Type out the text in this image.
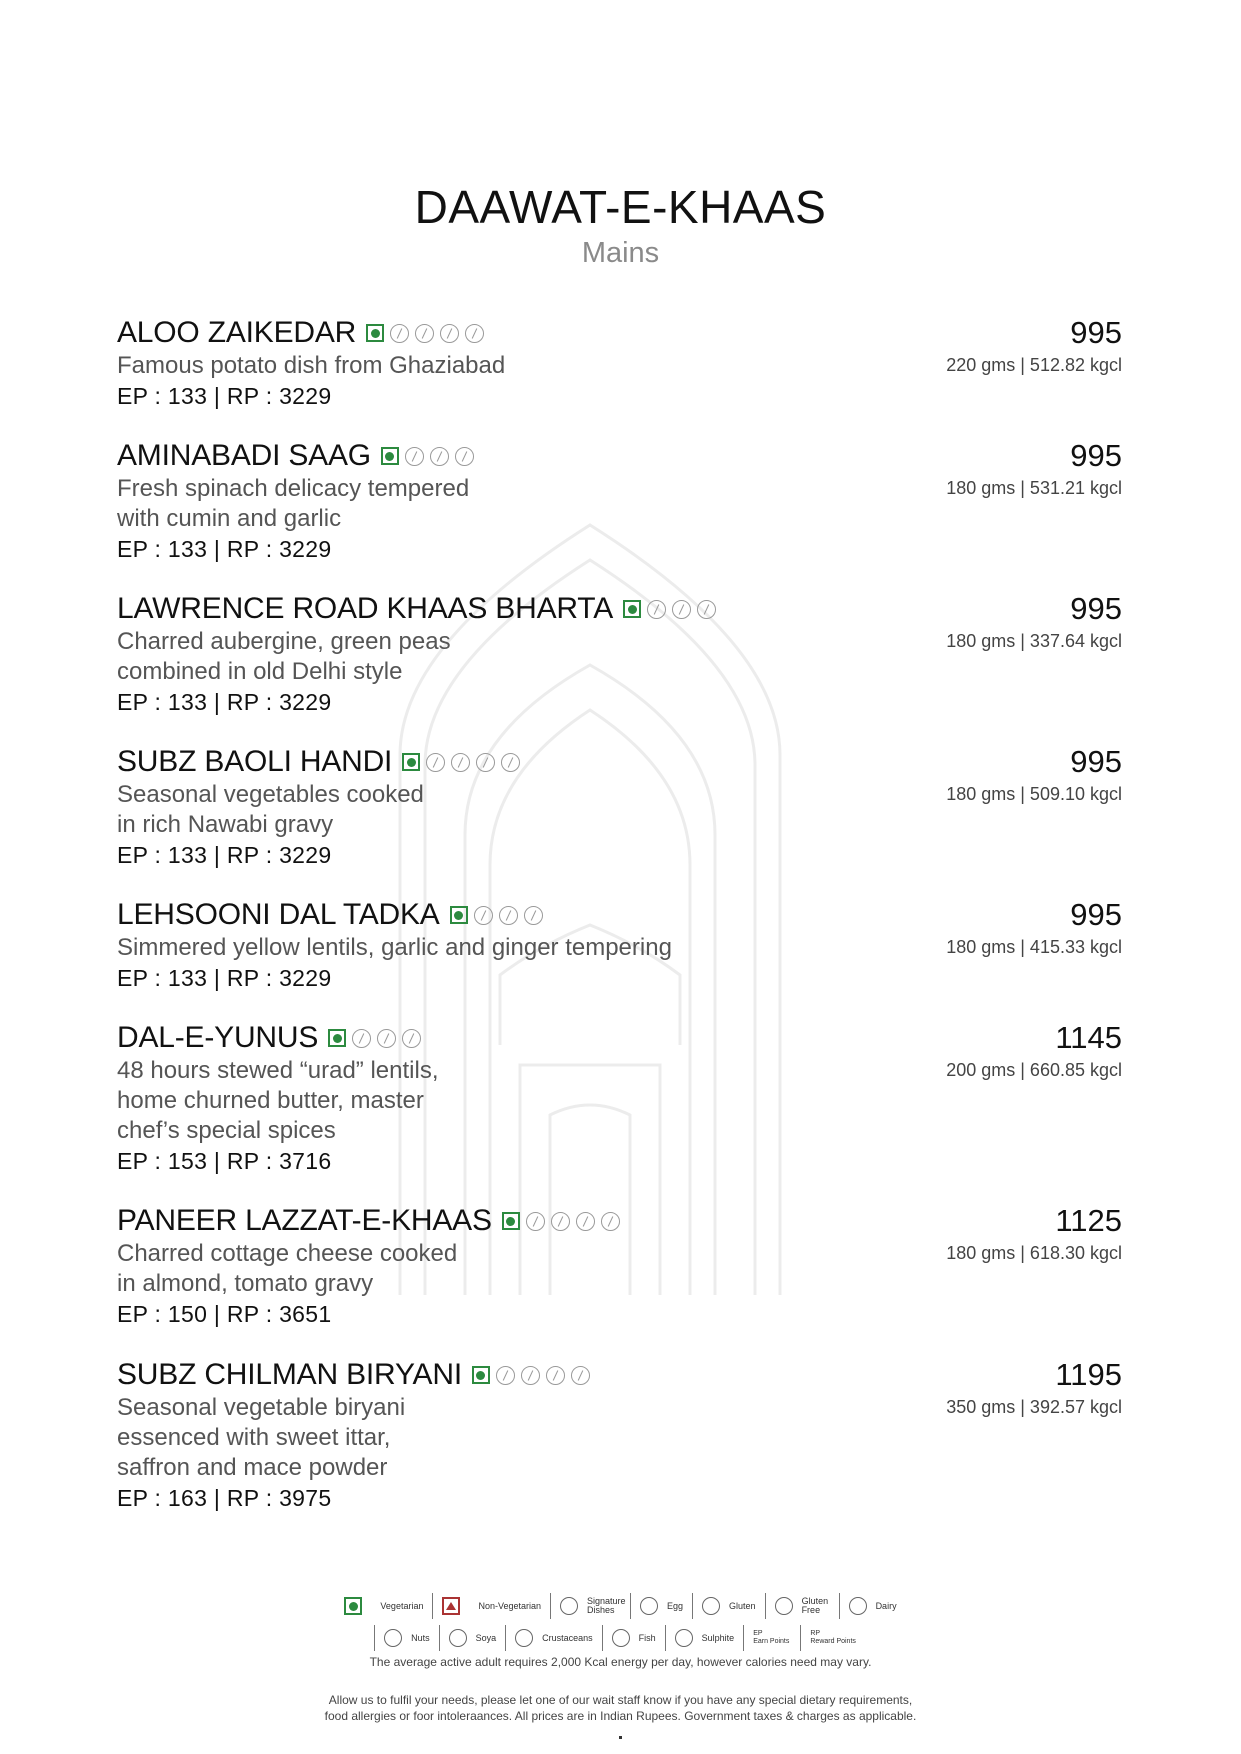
DAAWAT-E-KHAAS
Mains
ALOO ZAIKEDAR
Famous potato dish from Ghaziabad
EP : 133 | RP : 3229
995
220 gms | 512.82 kgcl
AMINABADI SAAG
Fresh spinach delicacy tempered
with cumin and garlic
EP : 133 | RP : 3229
995
180 gms | 531.21 kgcl
LAWRENCE ROAD KHAAS BHARTA
Charred aubergine, green peas
combined in old Delhi style
EP : 133 | RP : 3229
995
180 gms | 337.64 kgcl
SUBZ BAOLI HANDI
Seasonal vegetables cooked
in rich Nawabi gravy
EP : 133 | RP : 3229
995
180 gms | 509.10 kgcl
LEHSOONI DAL TADKA
Simmered yellow lentils, garlic and ginger tempering
EP : 133 | RP : 3229
995
180 gms | 415.33 kgcl
DAL-E-YUNUS
48 hours stewed “urad” lentils,
home churned butter, master
chef’s special spices
EP : 153 | RP : 3716
1145
200 gms | 660.85 kgcl
PANEER LAZZAT-E-KHAAS
Charred cottage cheese cooked
in almond, tomato gravy
EP : 150 | RP : 3651
1125
180 gms | 618.30 kgcl
SUBZ CHILMAN BIRYANI
Seasonal vegetable biryani
essenced with sweet ittar,
saffron and mace powder
EP : 163 | RP : 3975
1195
350 gms | 392.57 kgcl
Vegetarian	Non-Vegetarian	Signature Dishes	Egg	Gluten	Gluten Free	Dairy
Nuts	Soya	Crustaceans	Fish	Sulphite	EP
Earn Points
RP
Reward Points
The average active adult requires 2,000 Kcal energy per day, however calories need may vary.
Allow us to fulfil your needs, please let one of our wait staff know if you have any special dietary requirements,
food allergies or foor intoleraances. All prices are in Indian Rupees. Government taxes & charges as applicable.
